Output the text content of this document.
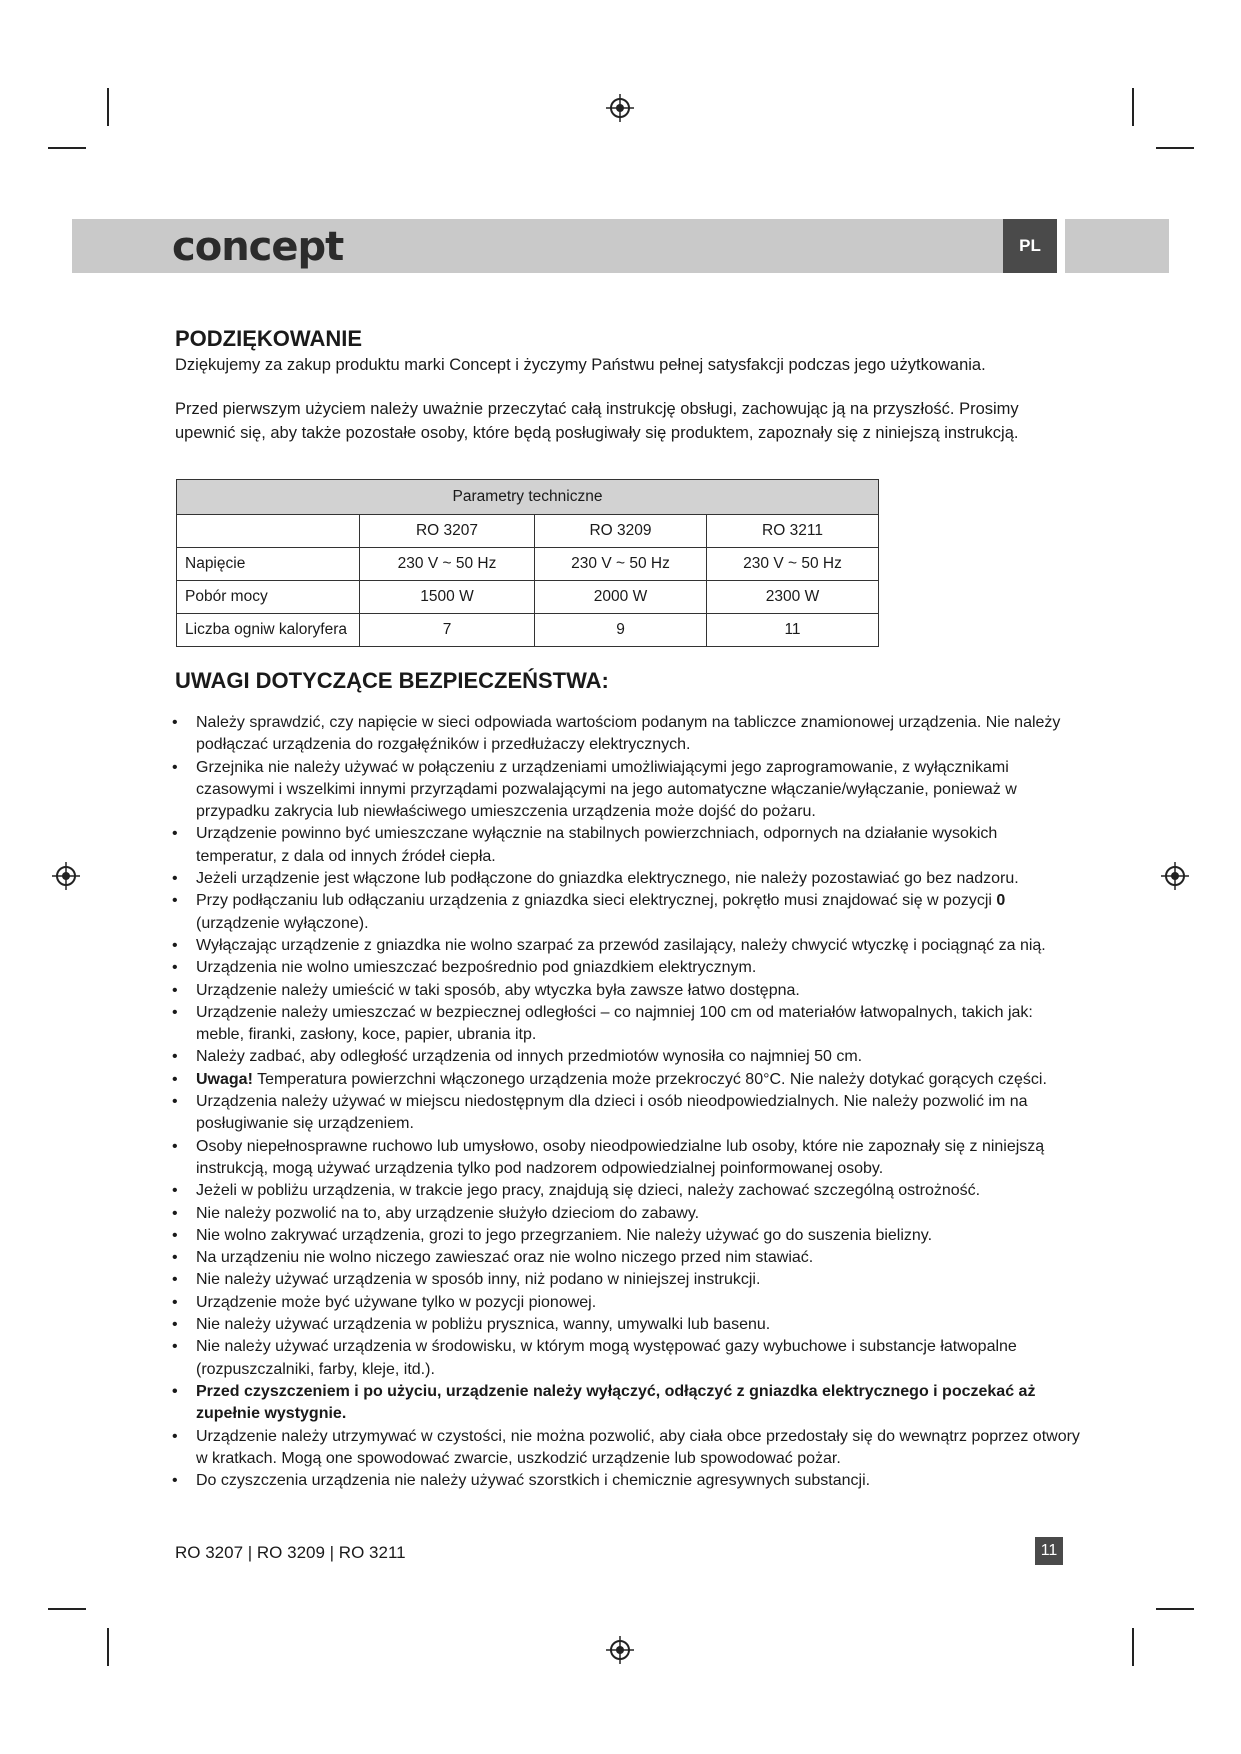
concept	PL
PODZIĘKOWANIE

Dziękujemy za zakup produktu marki Concept i życzymy Państwu pełnej satysfakcji podczas jego użytkowania.

Przed pierwszym użyciem należy uważnie przeczytać całą instrukcję obsługi, zachowując ją na przyszłość. Prosimy upewnić się, aby także pozostałe osoby, które będą posługiwały się produktem, zapoznały się z niniejszą instrukcją.

Parametry techniczne			
	RO 3207	RO 3209	RO 3211
Napięcie	230 V ~ 50 Hz	230 V ~ 50 Hz	230 V ~ 50 Hz
Pobór mocy	1500 W	2000 W	2300 W
Liczba ogniw kaloryfera	7	9	11
UWAGI DOTYCZĄCE BEZPIECZEŃSTWA:
• Należy sprawdzić, czy napięcie w sieci odpowiada wartościom podanym na tabliczce znamionowej urządzenia. Nie należy podłączać urządzenia do rozgałęźników i przedłużaczy elektrycznych.
• Grzejnika nie należy używać w połączeniu z urządzeniami umożliwiającymi jego zaprogramowanie, z wyłącznikami czasowymi i wszelkimi innymi przyrządami pozwalającymi na jego automatyczne włączanie/wyłączanie, ponieważ w przypadku zakrycia lub niewłaściwego umieszczenia urządzenia może dojść do pożaru.
• Urządzenie powinno być umieszczane wyłącznie na stabilnych powierzchniach, odpornych na działanie wysokich temperatur, z dala od innych źródeł ciepła.
• Jeżeli urządzenie jest włączone lub podłączone do gniazdka elektrycznego, nie należy pozostawiać go bez nadzoru.
• Przy podłączaniu lub odłączaniu urządzenia z gniazdka sieci elektrycznej, pokrętło musi znajdować się w pozycji 0 (urządzenie wyłączone).
• Wyłączając urządzenie z gniazdka nie wolno szarpać za przewód zasilający, należy chwycić wtyczkę i pociągnąć za nią.
• Urządzenia nie wolno umieszczać bezpośrednio pod gniazdkiem elektrycznym.
• Urządzenie należy umieścić w taki sposób, aby wtyczka była zawsze łatwo dostępna.
• Urządzenie należy umieszczać w bezpiecznej odległości – co najmniej 100 cm od materiałów łatwopalnych, takich jak: meble, firanki, zasłony, koce, papier, ubrania itp.
• Należy zadbać, aby odległość urządzenia od innych przedmiotów wynosiła co najmniej 50 cm.
• Uwaga! Temperatura powierzchni włączonego urządzenia może przekroczyć 80°C. Nie należy dotykać gorących części.
• Urządzenia należy używać w miejscu niedostępnym dla dzieci i osób nieodpowiedzialnych. Nie należy pozwolić im na posługiwanie się urządzeniem.
• Osoby niepełnosprawne ruchowo lub umysłowo, osoby nieodpowiedzialne lub osoby, które nie zapoznały się z niniejszą instrukcją, mogą używać urządzenia tylko pod nadzorem odpowiedzialnej poinformowanej osoby.
• Jeżeli w pobliżu urządzenia, w trakcie jego pracy, znajdują się dzieci, należy zachować szczególną ostrożność.
• Nie należy pozwolić na to, aby urządzenie służyło dzieciom do zabawy.
• Nie wolno zakrywać urządzenia, grozi to jego przegrzaniem. Nie należy używać go do suszenia bielizny.
• Na urządzeniu nie wolno niczego zawieszać oraz nie wolno niczego przed nim stawiać.
• Nie należy używać urządzenia w sposób inny, niż podano w niniejszej instrukcji.
• Urządzenie może być używane tylko w pozycji pionowej.
• Nie należy używać urządzenia w pobliżu prysznica, wanny, umywalki lub basenu.
• Nie należy używać urządzenia w środowisku, w którym mogą występować gazy wybuchowe i substancje łatwopalne (rozpuszczalniki, farby, kleje, itd.).
• Przed czyszczeniem i po użyciu, urządzenie należy wyłączyć, odłączyć z gniazdka elektrycznego i poczekać aż zupełnie wystygnie.
• Urządzenie należy utrzymywać w czystości, nie można pozwolić, aby ciała obce przedostały się do wewnątrz poprzez otwory w kratkach. Mogą one spowodować zwarcie, uszkodzić urządzenie lub spowodować pożar.
• Do czyszczenia urządzenia nie należy używać szorstkich i chemicznie agresywnych substancji.
RO 3207 | RO 3209 | RO 3211	11
